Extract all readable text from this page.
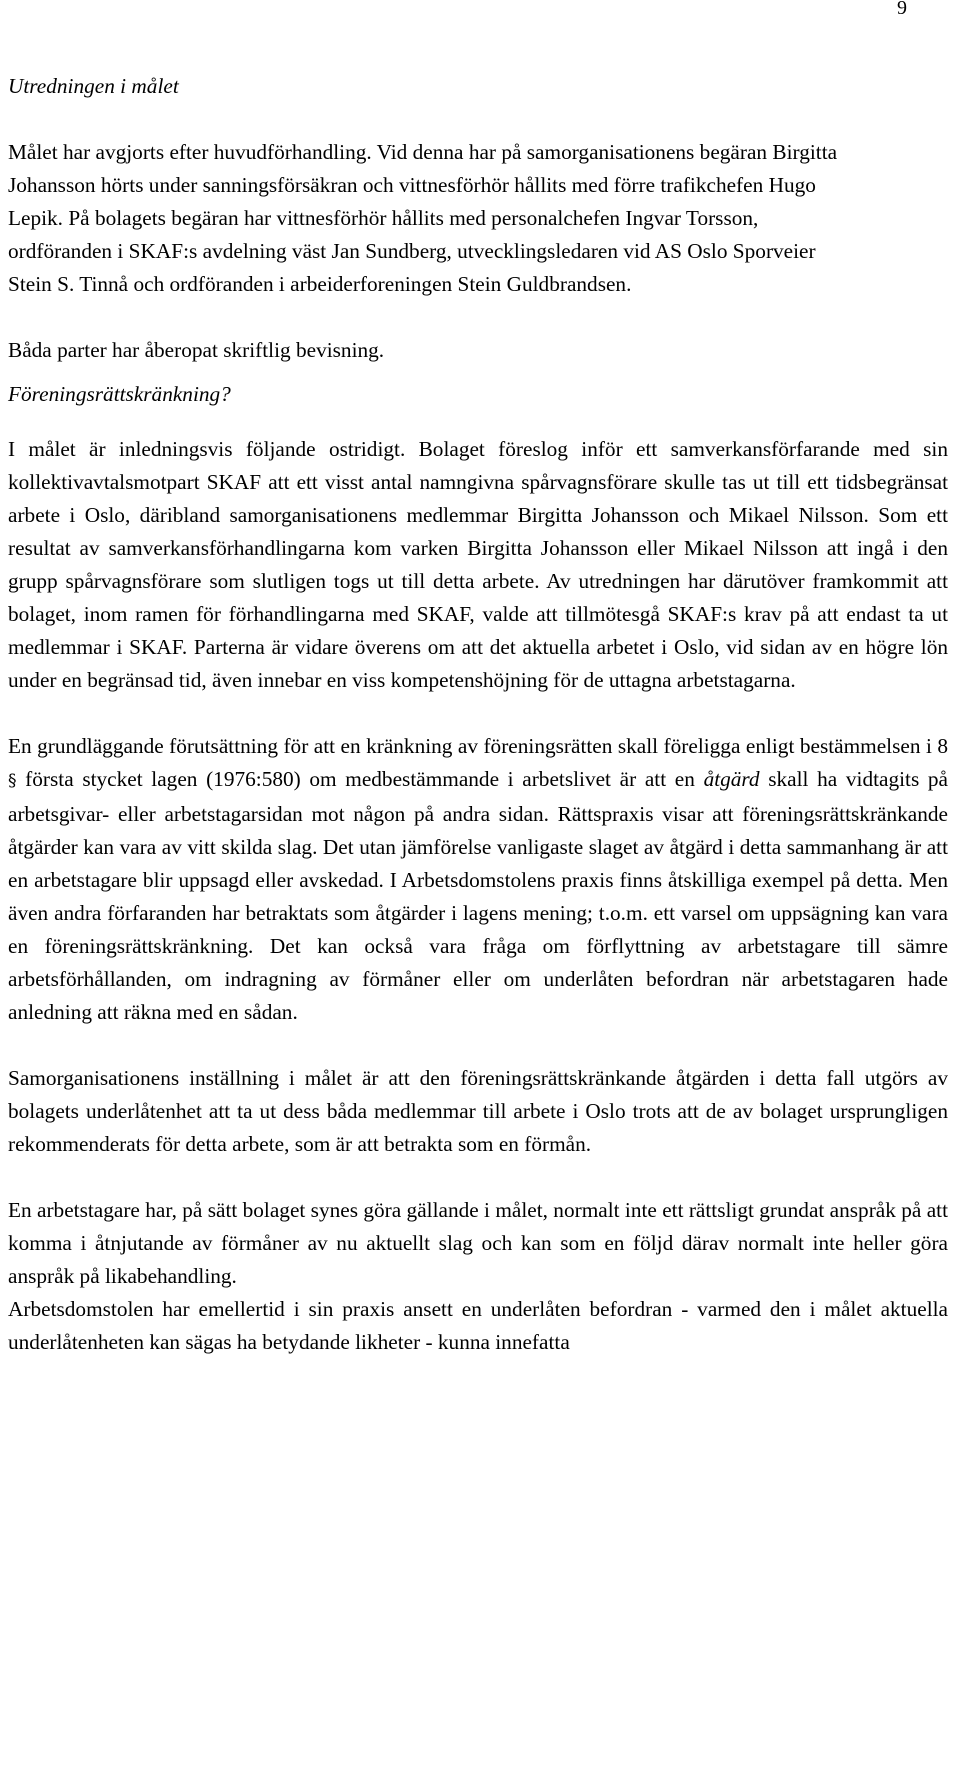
9

Utredningen i målet

Målet har avgjorts efter huvudförhandling. Vid denna har på samorganisationens begäran Birgitta Johansson hörts under sanningsförsäkran och vittnesförhör hållits med förre trafikchefen Hugo Lepik. På bolagets begäran har vittnesförhör hållits med personalchefen Ingvar Torsson, ordföranden i SKAF:s avdelning väst Jan Sundberg, utvecklingsledaren vid AS Oslo Sporveier Stein S. Tinnå och ordföranden i arbeiderforeningen Stein Guldbrandsen.

Båda parter har åberopat skriftlig bevisning.

Föreningsrättskränkning?

I målet är inledningsvis följande ostridigt. Bolaget föreslog inför ett samverkansförfarande med sin kollektivavtalsmotpart SKAF att ett visst antal namngivna spårvagnsförare skulle tas ut till ett tidsbegränsat arbete i Oslo, däribland samorganisationens medlemmar Birgitta Johansson och Mikael Nilsson. Som ett resultat av samverkansförhandlingarna kom varken Birgitta Johansson eller Mikael Nilsson att ingå i den grupp spårvagnsförare som slutligen togs ut till detta arbete. Av utredningen har därutöver framkommit att bolaget, inom ramen för förhandlingarna med SKAF, valde att tillmötesgå SKAF:s krav på att endast ta ut medlemmar i SKAF. Parterna är vidare överens om att det aktuella arbetet i Oslo, vid sidan av en högre lön under en begränsad tid, även innebar en viss kompetenshöjning för de uttagna arbetstagarna.

En grundläggande förutsättning för att en kränkning av föreningsrätten skall föreligga enligt bestämmelsen i 8 § första stycket lagen (1976:580) om medbestämmande i arbetslivet är att en åtgärd skall ha vidtagits på arbetsgivar- eller arbetstagarsidan mot någon på andra sidan. Rättspraxis visar att föreningsrättskränkande åtgärder kan vara av vitt skilda slag. Det utan jämförelse vanligaste slaget av åtgärd i detta sammanhang är att en arbetstagare blir uppsagd eller avskedad. I Arbetsdomstolens praxis finns åtskilliga exempel på detta. Men även andra förfaranden har betraktats som åtgärder i lagens mening; t.o.m. ett varsel om uppsägning kan vara en föreningsrättskränkning. Det kan också vara fråga om förflyttning av arbetstagare till sämre arbetsförhållanden, om indragning av förmåner eller om underlåten befordran när arbetstagaren hade anledning att räkna med en sådan.

Samorganisationens inställning i målet är att den föreningsrättskränkande åtgärden i detta fall utgörs av bolagets underlåtenhet att ta ut dess båda medlemmar till arbete i Oslo trots att de av bolaget ursprungligen rekommenderats för detta arbete, som är att betrakta som en förmån.

En arbetstagare har, på sätt bolaget synes göra gällande i målet, normalt inte ett rättsligt grundat anspråk på att komma i åtnjutande av förmåner av nu aktuellt slag och kan som en följd därav normalt inte heller göra anspråk på likabehandling.

Arbetsdomstolen har emellertid i sin praxis ansett en underlåten befordran - varmed den i målet aktuella underlåtenheten kan sägas ha betydande likheter - kunna innefatta
